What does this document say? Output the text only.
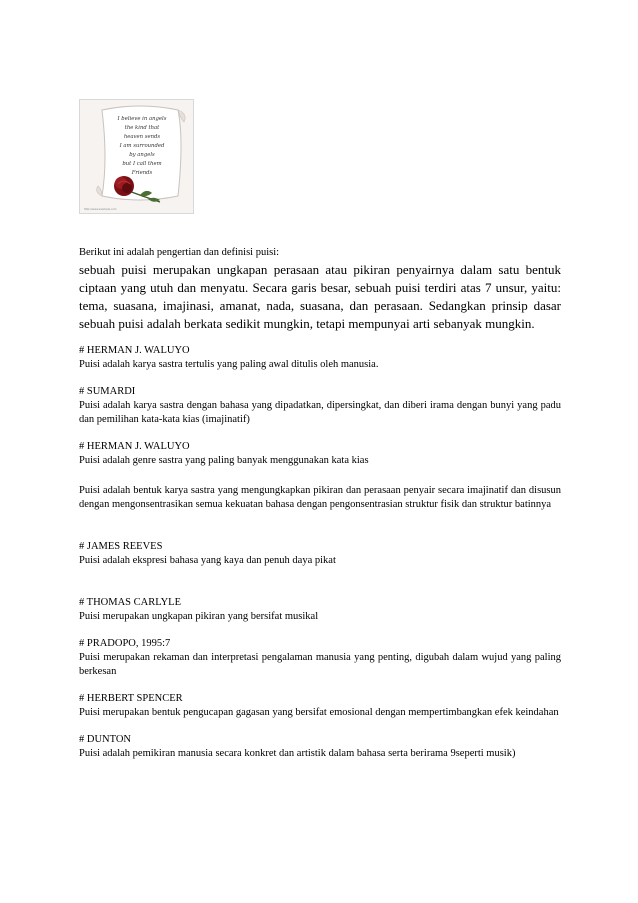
I believe in angels
the kind that
heaven sends
I am surrounded
by angels
but I call them
Friends
http://www.example.com
Berikut ini adalah pengertian dan definisi puisi:
sebuah puisi merupakan ungkapan perasaan atau pikiran penyairnya dalam satu bentuk ciptaan yang utuh dan menyatu. Secara garis besar, sebuah puisi terdiri atas 7 unsur, yaitu: tema, suasana, imajinasi, amanat, nada, suasana, dan perasaan. Sedangkan prinsip dasar sebuah puisi adalah berkata sedikit mungkin, tetapi mempunyai arti sebanyak mungkin.
# HERMAN J. WALUYO
Puisi adalah karya sastra tertulis yang paling awal ditulis oleh manusia.
# SUMARDI
Puisi adalah karya sastra dengan bahasa yang dipadatkan, dipersingkat, dan diberi irama dengan bunyi yang padu dan pemilihan kata-kata kias (imajinatif)
# HERMAN J. WALUYO
Puisi adalah genre sastra yang paling banyak menggunakan kata kias
Puisi adalah bentuk karya sastra yang mengungkapkan pikiran dan perasaan penyair secara imajinatif dan disusun dengan mengonsentrasikan semua kekuatan bahasa dengan pengonsentrasian struktur fisik dan struktur batinnya
# JAMES REEVES
Puisi adalah ekspresi bahasa yang kaya dan penuh daya pikat
# THOMAS CARLYLE
Puisi merupakan ungkapan pikiran yang bersifat musikal
# PRADOPO, 1995:7
Puisi merupakan rekaman dan interpretasi pengalaman manusia yang penting, digubah dalam wujud yang paling berkesan
# HERBERT SPENCER
Puisi merupakan bentuk pengucapan gagasan yang bersifat emosional dengan mempertimbangkan efek keindahan
# DUNTON
Puisi adalah pemikiran manusia secara konkret dan artistik dalam bahasa serta berirama 9seperti musik)
